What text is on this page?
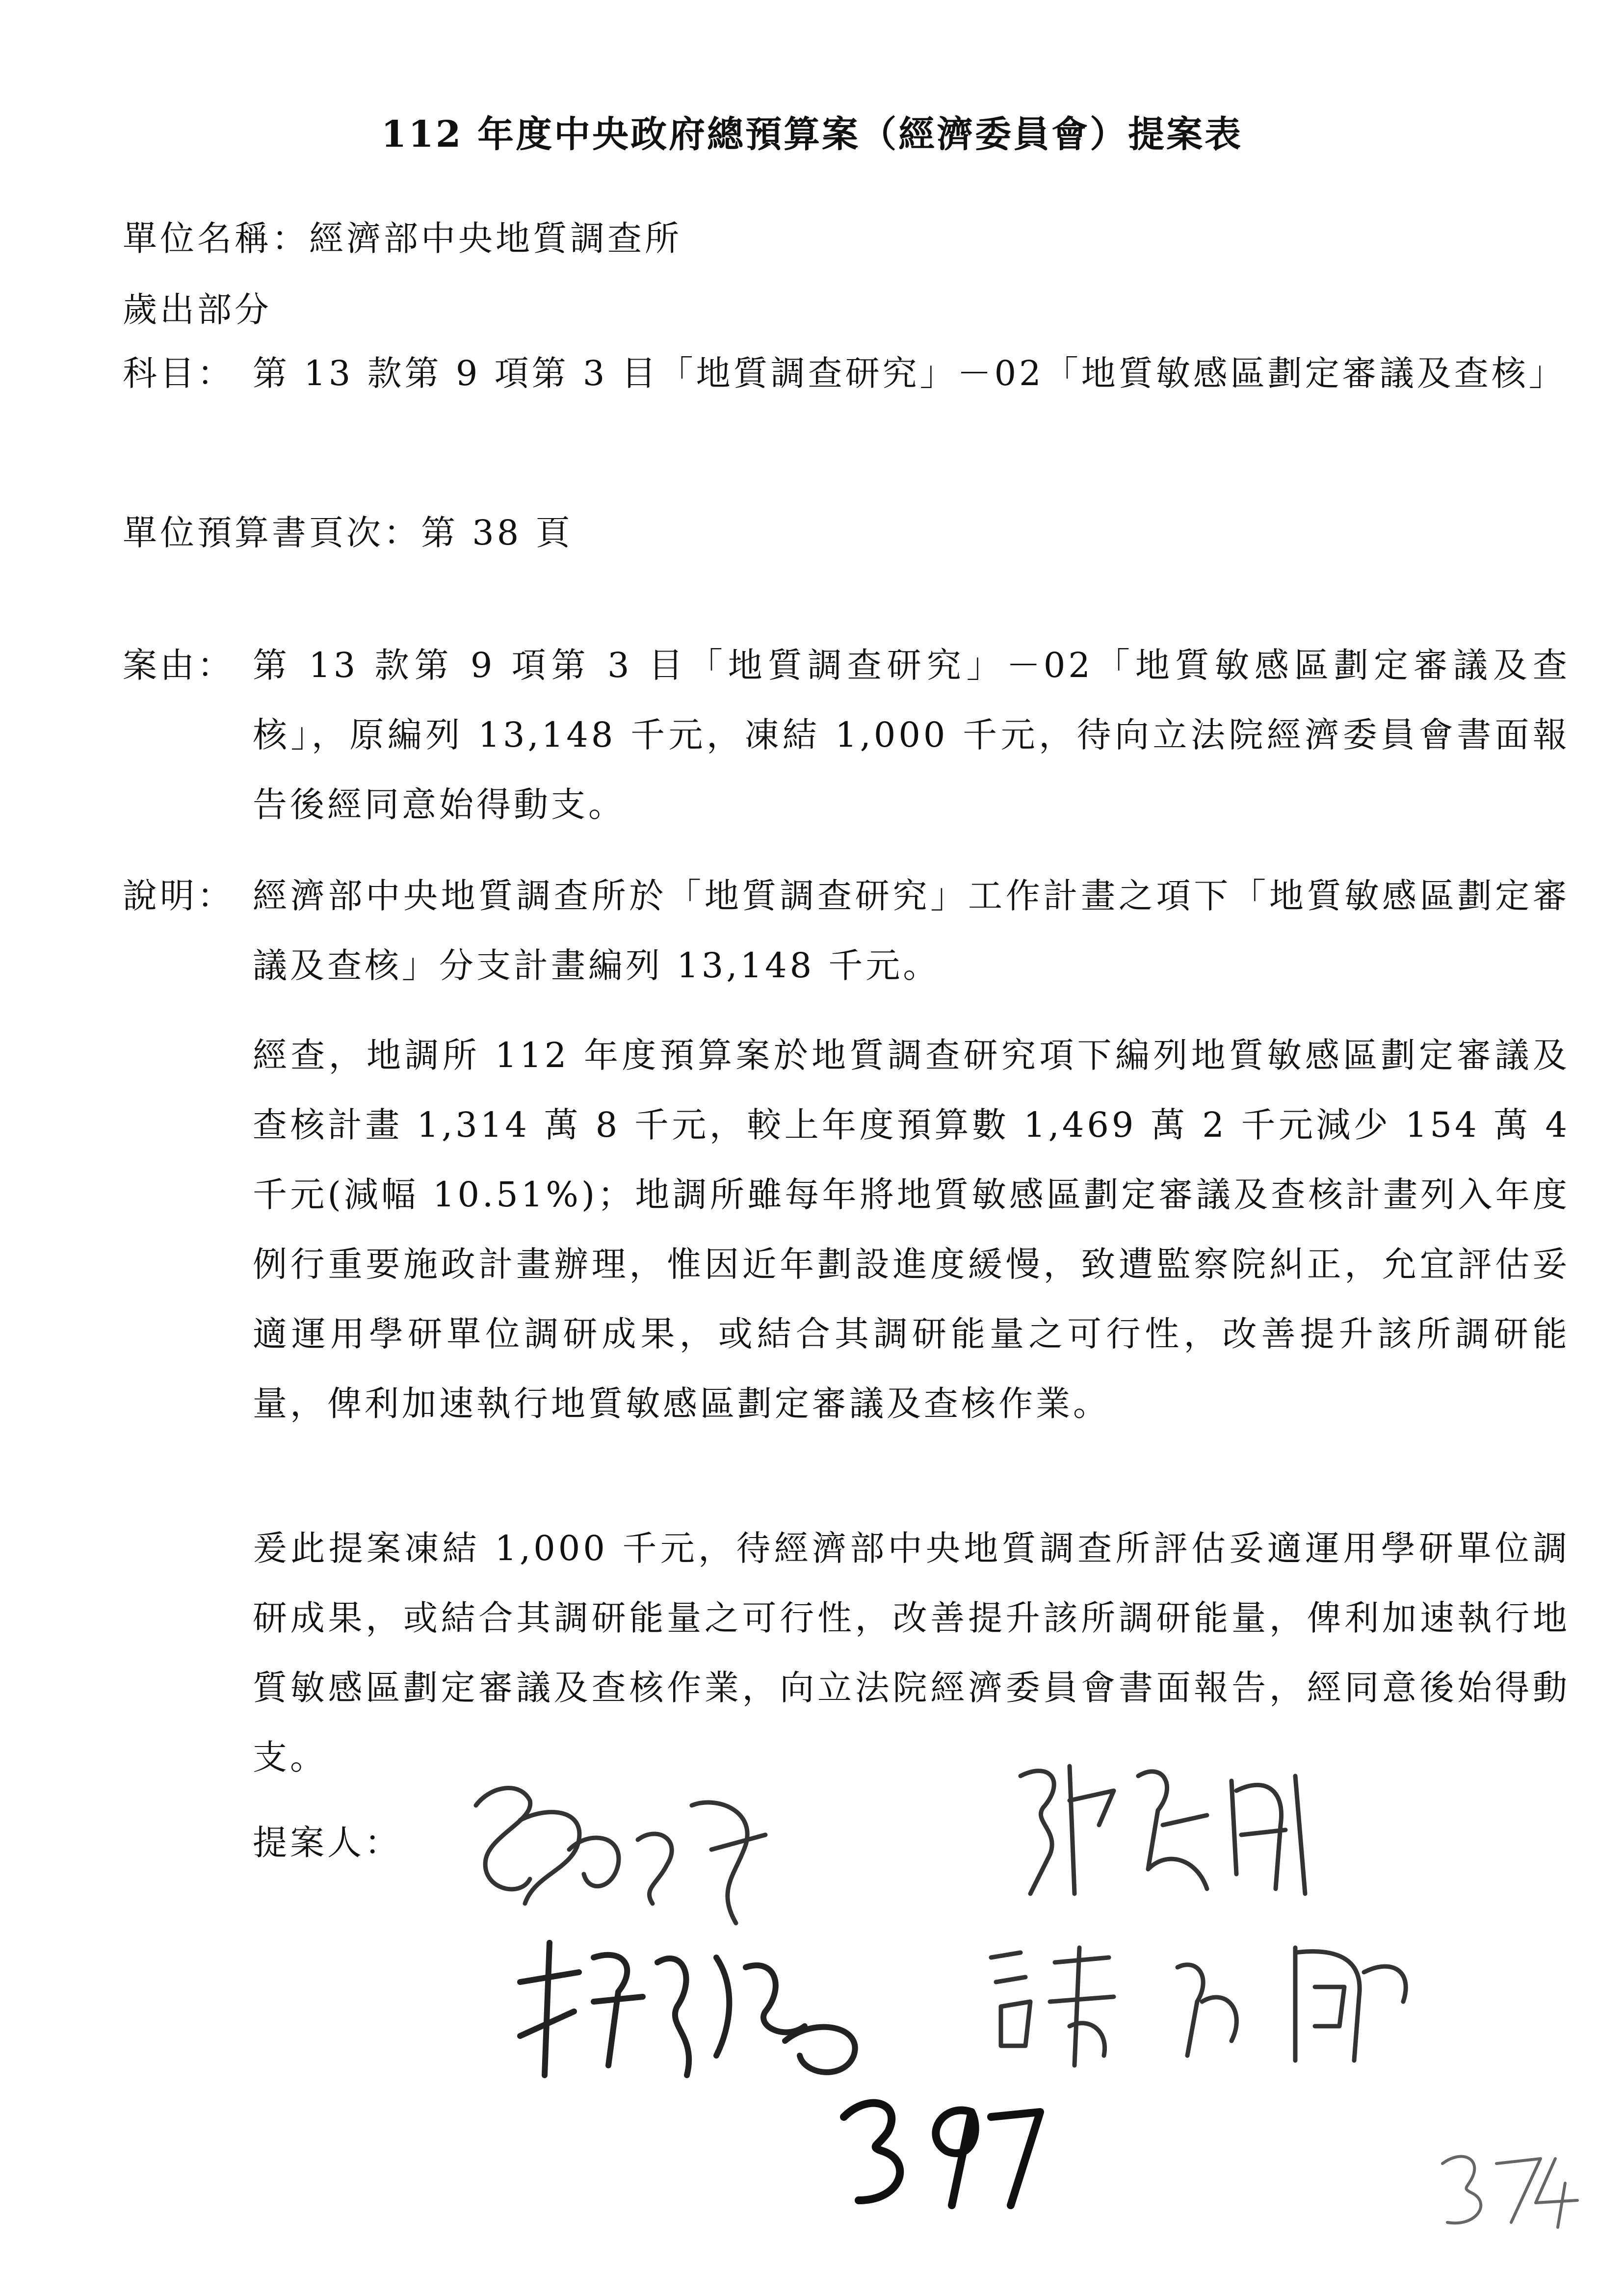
112 年度中央政府總預算案（經濟委員會）提案表
單位名稱：經濟部中央地質調查所
歲出部分
科目： 第 13 款第 9 項第 3 目「地質調查研究」－02「地質敏感區劃定審議及查核」
單位預算書頁次：第 38 頁
案由： 第 13 款第 9 項第 3 目「地質調查研究」－02「地質敏感區劃定審議及查核」，原編列 13,148 千元，凍結 1,000 千元，待向立法院經濟委員會書面報告後經同意始得動支。
說明： 經濟部中央地質調查所於「地質調查研究」工作計畫之項下「地質敏感區劃定審議及查核」分支計畫編列 13,148 千元。

經查，地調所 112 年度預算案於地質調查研究項下編列地質敏感區劃定審議及查核計畫 1,314 萬 8 千元，較上年度預算數 1,469 萬 2 千元減少 154 萬 4 千元(減幅 10.51%)；地調所雖每年將地質敏感區劃定審議及查核計畫列入年度例行重要施政計畫辦理，惟因近年劃設進度緩慢，致遭監察院糾正，允宜評估妥適運用學研單位調研成果，或結合其調研能量之可行性，改善提升該所調研能量，俾利加速執行地質敏感區劃定審議及查核作業。

爰此提案凍結 1,000 千元，待經濟部中央地質調查所評估妥適運用學研單位調研成果，或結合其調研能量之可行性，改善提升該所調研能量，俾利加速執行地質敏感區劃定審議及查核作業，向立法院經濟委員會書面報告，經同意後始得動支。

提案人：
